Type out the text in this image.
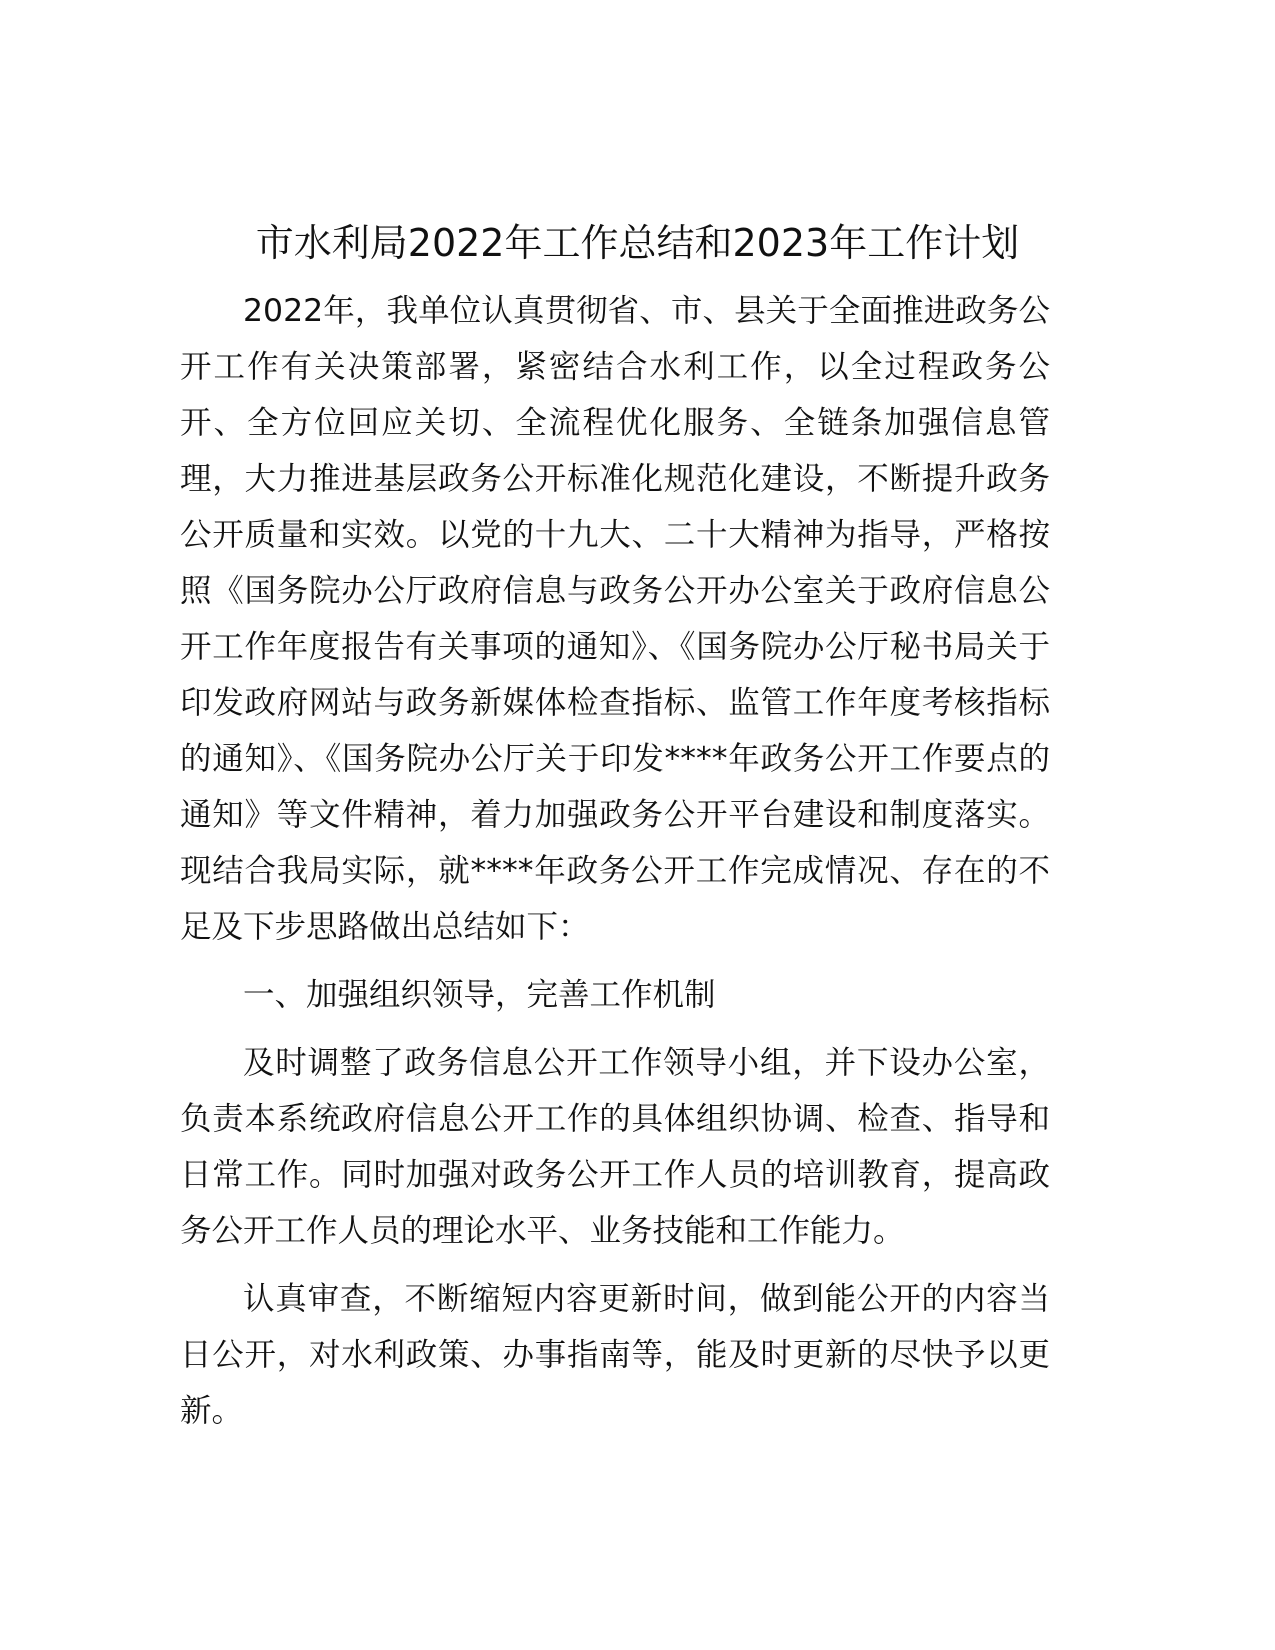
市水利局2022年工作总结和2023年工作计划

2022年，我单位认真贯彻省、市、县关于全面推进政务公开工作有关决策部署，紧密结合水利工作，以全过程政务公开、全方位回应关切、全流程优化服务、全链条加强信息管理，大力推进基层政务公开标准化规范化建设，不断提升政务公开质量和实效。以党的十九大、二十大精神为指导，严格按照《国务院办公厅政府信息与政务公开办公室关于政府信息公开工作年度报告有关事项的通知》、《国务院办公厅秘书局关于印发政府网站与政务新媒体检查指标、监管工作年度考核指标的通知》、《国务院办公厅关于印发****年政务公开工作要点的通知》等文件精神，着力加强政务公开平台建设和制度落实。现结合我局实际，就****年政务公开工作完成情况、存在的不足及下步思路做出总结如下：

一、加强组织领导，完善工作机制

及时调整了政务信息公开工作领导小组，并下设办公室，负责本系统政府信息公开工作的具体组织协调、检查、指导和日常工作。同时加强对政务公开工作人员的培训教育，提高政务公开工作人员的理论水平、业务技能和工作能力。

认真审查，不断缩短内容更新时间，做到能公开的内容当日公开，对水利政策、办事指南等，能及时更新的尽快予以更新。
